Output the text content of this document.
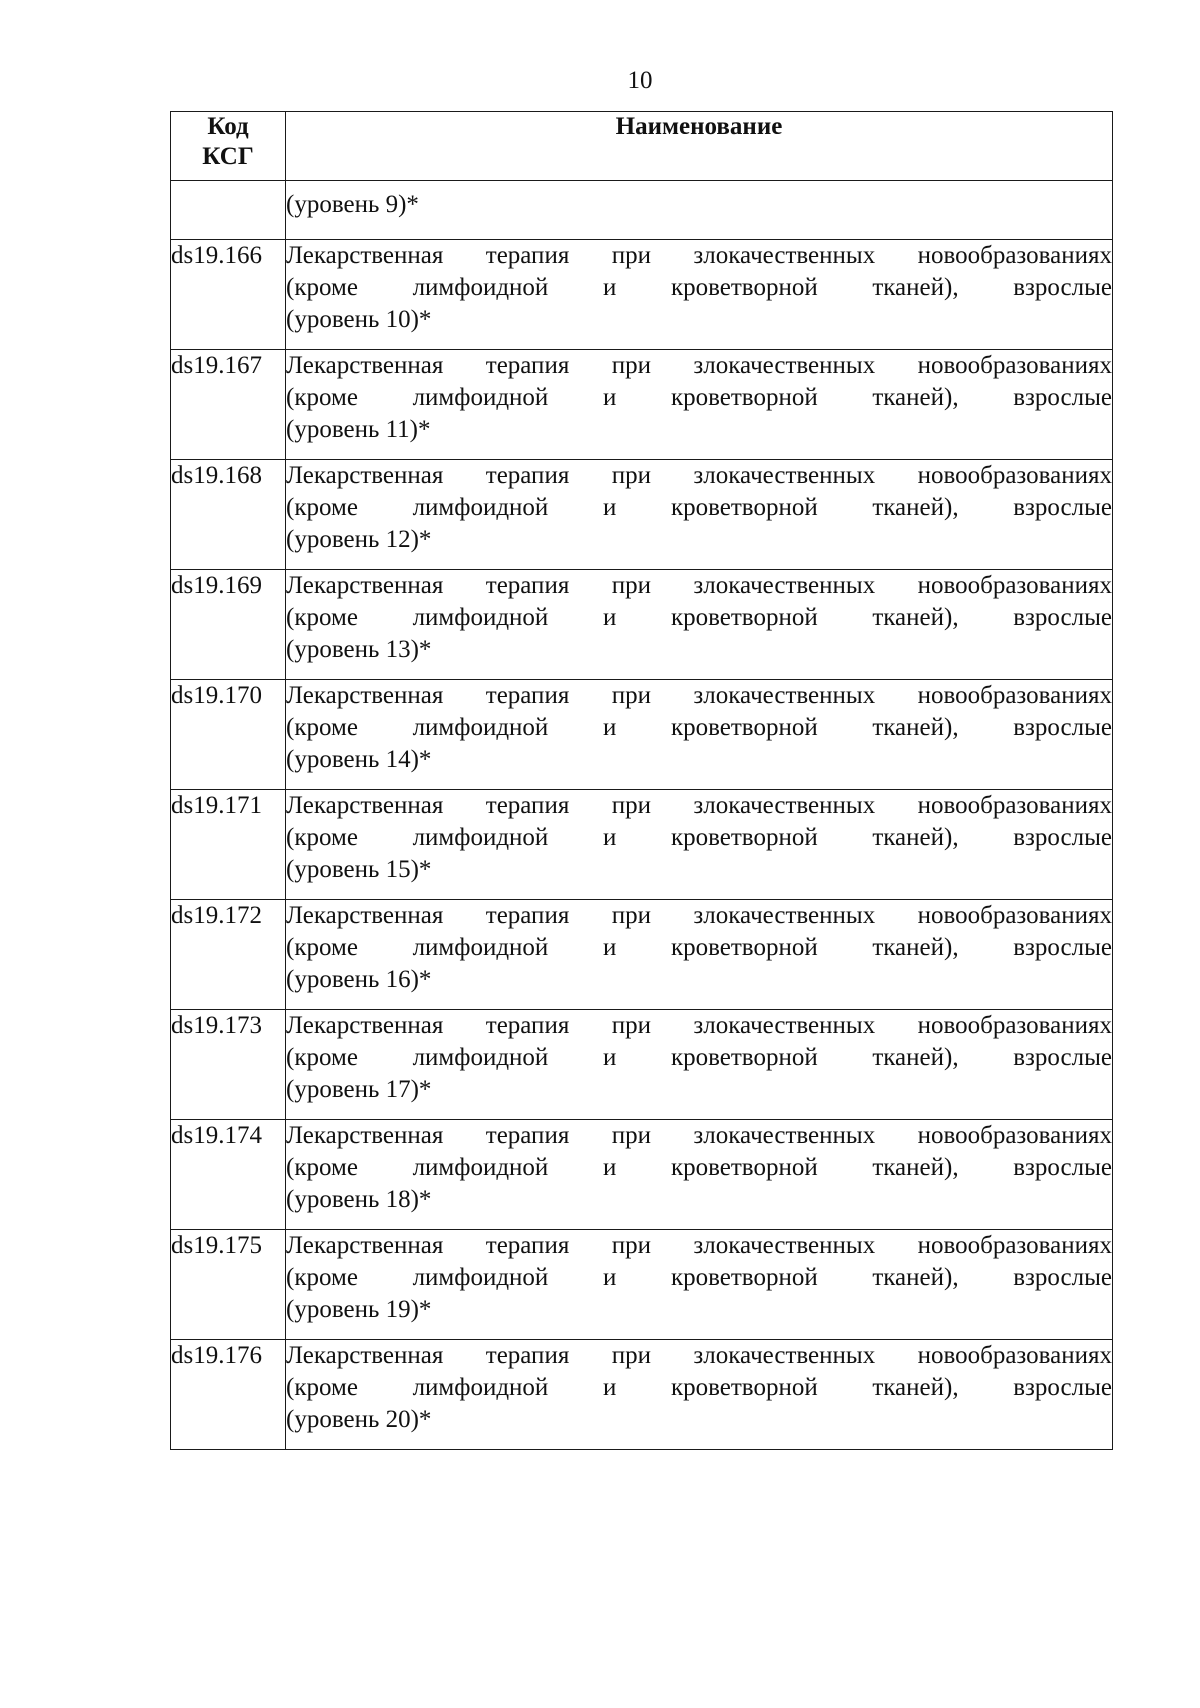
10
Код
КСГ	Наименование
	(уровень 9)*
ds19.166	Лекарственная терапия при злокачественных новообразованиях
(кроме лимфоидной и кроветворной тканей), взрослые
(уровень 10)*

ds19.167	Лекарственная терапия при злокачественных новообразованиях
(кроме лимфоидной и кроветворной тканей), взрослые
(уровень 11)*

ds19.168	Лекарственная терапия при злокачественных новообразованиях
(кроме лимфоидной и кроветворной тканей), взрослые
(уровень 12)*

ds19.169	Лекарственная терапия при злокачественных новообразованиях
(кроме лимфоидной и кроветворной тканей), взрослые
(уровень 13)*

ds19.170	Лекарственная терапия при злокачественных новообразованиях
(кроме лимфоидной и кроветворной тканей), взрослые
(уровень 14)*

ds19.171	Лекарственная терапия при злокачественных новообразованиях
(кроме лимфоидной и кроветворной тканей), взрослые
(уровень 15)*

ds19.172	Лекарственная терапия при злокачественных новообразованиях
(кроме лимфоидной и кроветворной тканей), взрослые
(уровень 16)*

ds19.173	Лекарственная терапия при злокачественных новообразованиях
(кроме лимфоидной и кроветворной тканей), взрослые
(уровень 17)*

ds19.174	Лекарственная терапия при злокачественных новообразованиях
(кроме лимфоидной и кроветворной тканей), взрослые
(уровень 18)*

ds19.175	Лекарственная терапия при злокачественных новообразованиях
(кроме лимфоидной и кроветворной тканей), взрослые
(уровень 19)*

ds19.176	Лекарственная терапия при злокачественных новообразованиях
(кроме лимфоидной и кроветворной тканей), взрослые
(уровень 20)*
